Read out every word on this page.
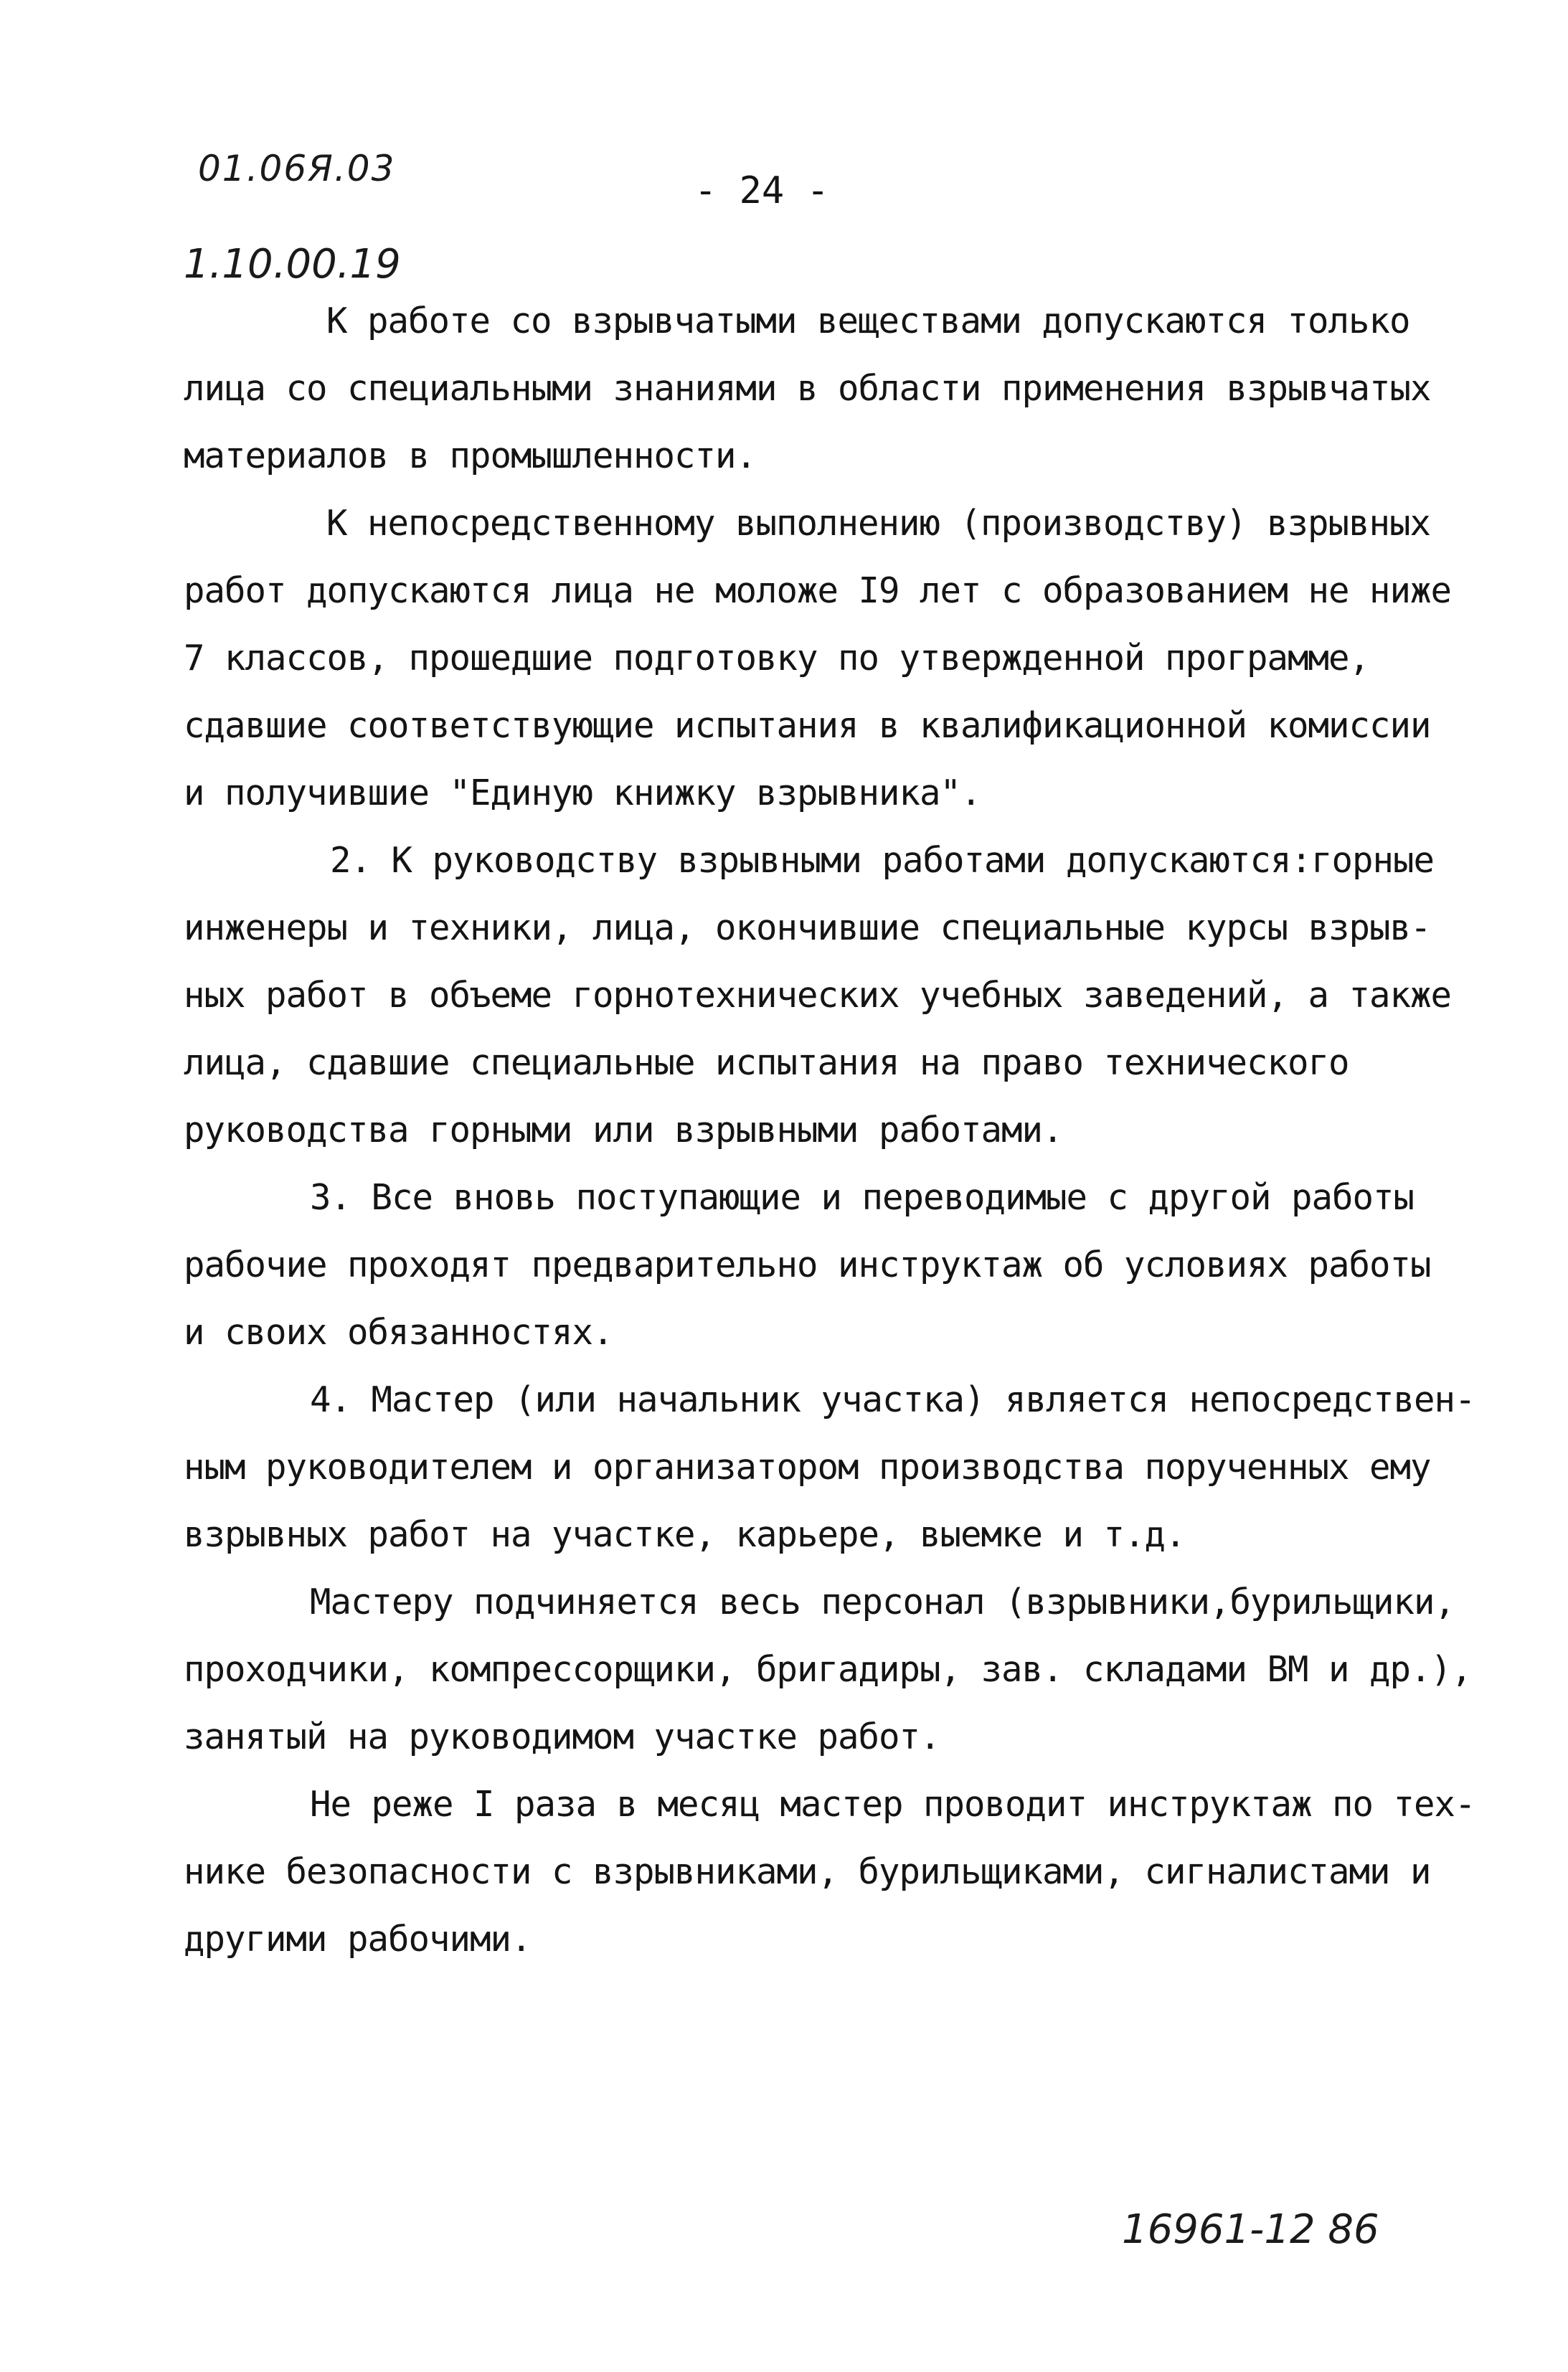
01.06Я.03
- 24 -
1.10.00.19
К работе со взрывчатыми веществами допускаются только
лица со специальными знаниями в области применения взрывчатых
материалов в промышленности.
К непосредственному выполнению (производству) взрывных
работ допускаются лица не моложе I9 лет с образованием не ниже
7 классов, прошедшие подготовку по утвержденной программе,
сдавшие соответствующие испытания в квалификационной комиссии
и получившие "Единую книжку взрывника".
2. К руководству взрывными работами допускаются:горные
инженеры и техники, лица, окончившие специальные курсы взрыв-
ных работ в объеме горнотехнических учебных заведений, а также
лица, сдавшие специальные испытания на право технического
руководства горными или взрывными работами.
3. Все вновь поступающие и переводимые с другой работы
рабочие проходят предварительно инструктаж об условиях работы
и своих обязанностях.
4. Мастер (или начальник участка) является непосредствен-
ным руководителем и организатором производства порученных ему
взрывных работ на участке, карьере, выемке и т.д.
Мастеру подчиняется весь персонал (взрывники,бурильщики,
проходчики, компрессорщики, бригадиры, зав. складами ВМ и др.),
занятый на руководимом участке работ.
Не реже I раза в месяц мастер проводит инструктаж по тех-
нике безопасности с взрывниками, бурильщиками, сигналистами и
другими рабочими.
16961-12 86
